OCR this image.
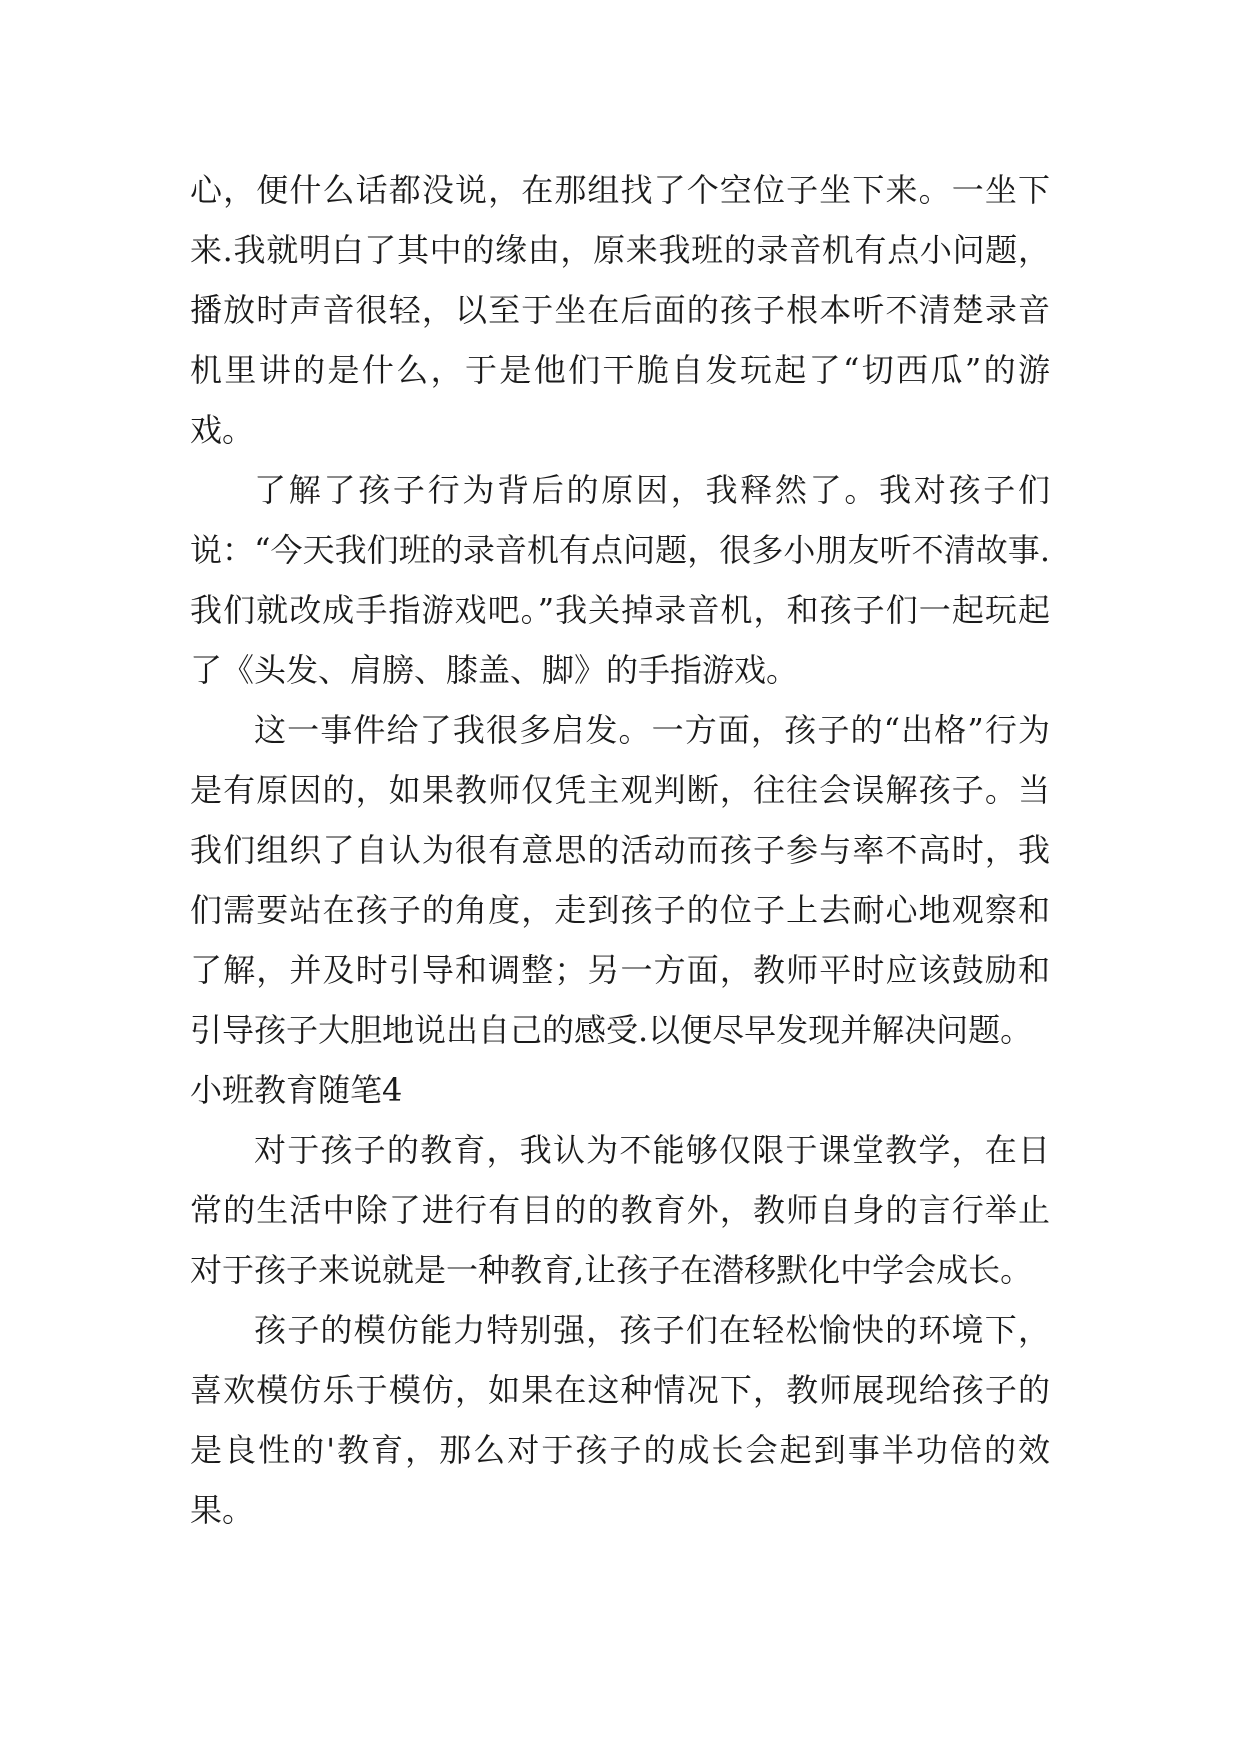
心，便什么话都没说，在那组找了个空位子坐下来。一坐下来.我就明白了其中的缘由，原来我班的录音机有点小问题，播放时声音很轻，以至于坐在后面的孩子根本听不清楚录音机里讲的是什么，于是他们干脆自发玩起了“切西瓜”的游戏。

了解了孩子行为背后的原因，我释然了。我对孩子们说：“今天我们班的录音机有点问题，很多小朋友听不清故事.我们就改成手指游戏吧。”我关掉录音机，和孩子们一起玩起了《头发、肩膀、膝盖、脚》的手指游戏。

这一事件给了我很多启发。一方面，孩子的“出格”行为是有原因的，如果教师仅凭主观判断，往往会误解孩子。当我们组织了自认为很有意思的活动而孩子参与率不高时，我们需要站在孩子的角度，走到孩子的位子上去耐心地观察和了解，并及时引导和调整；另一方面，教师平时应该鼓励和引导孩子大胆地说出自己的感受.以便尽早发现并解决问题。

小班教育随笔4

对于孩子的教育，我认为不能够仅限于课堂教学，在日常的生活中除了进行有目的的教育外，教师自身的言行举止对于孩子来说就是一种教育,让孩子在潜移默化中学会成长。

孩子的模仿能力特别强，孩子们在轻松愉快的环境下，喜欢模仿乐于模仿，如果在这种情况下，教师展现给孩子的是良性的'教育，那么对于孩子的成长会起到事半功倍的效果。
